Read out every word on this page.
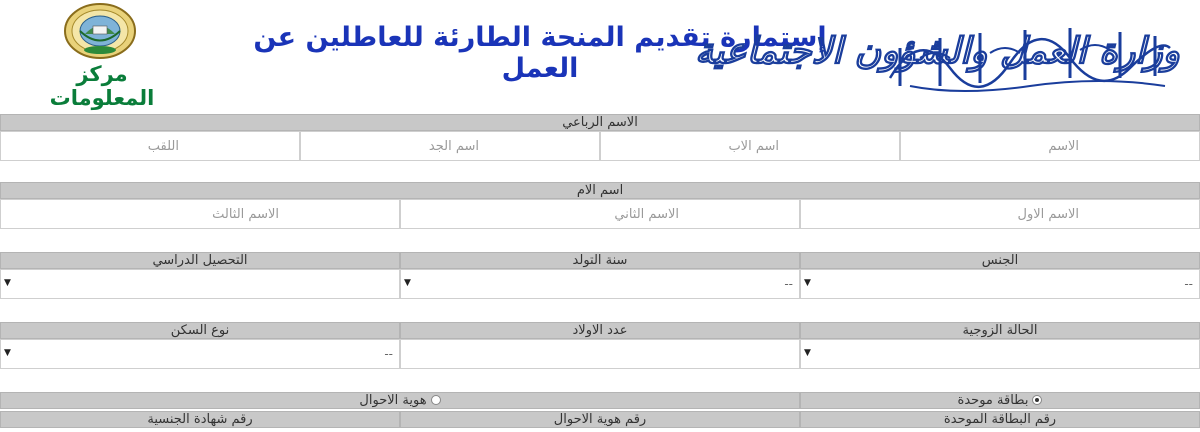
مركز المعلومات
إستمارة تقديم المنحة الطارئة للعاطلين عن العمل	وزارة العمل والشؤون الاجتماعية
الاسم الرباعي
الاسم
اسم الاب
اسم الجد
اللقب
اسم الام
الاسم الاول
الاسم الثاني
الاسم الثالث
الجنس
سنة التولد
التحصيل الدراسي
--
▼
--
▼
▼
الحالة الزوجية
عدد الاولاد
نوع السكن
▼
--
▼
بطاقة موحدة
هوية الاحوال
رقم البطاقة الموحدة
رقم هوية الاحوال
رقم شهادة الجنسية
